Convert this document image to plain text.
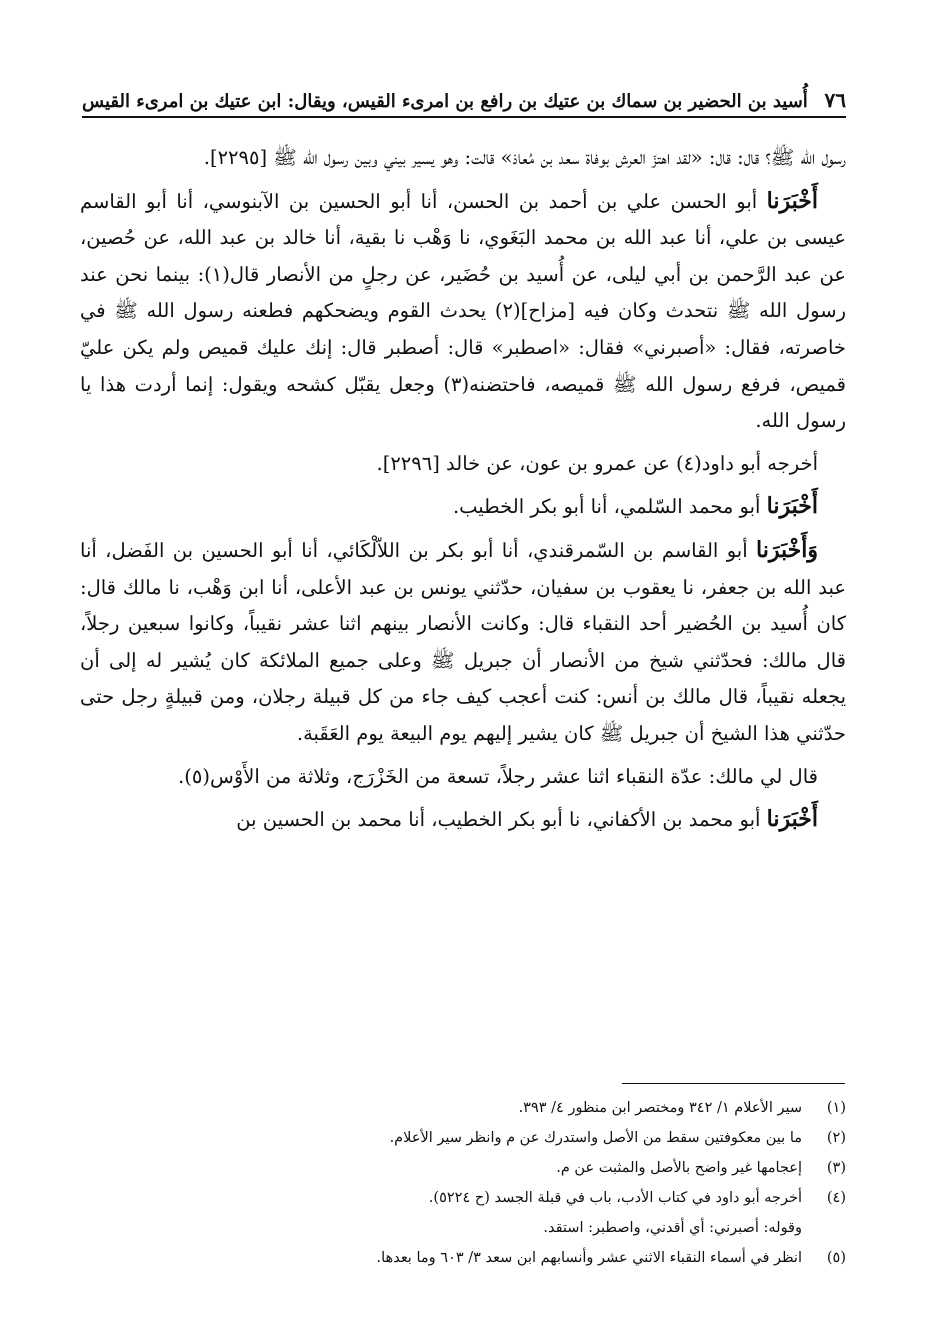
٧٦
أُسيد بن الحضير بن سماك بن عتيك بن رافع بن امرىء القيس، ويقال: ابن عتيك بن امرىء القيس

رسول الله ﷺ؟ قال: قال: «لقد اهتزّ العرش بوفاة سعد بن مُعاذ» قالت: وهو يسير بيني وبين رسول الله ﷺ [٢٢٩٥].

أَخْبَرَنا أبو الحسن علي بن أحمد بن الحسن، أنا أبو الحسين بن الآبنوسي، أنا أبو القاسم عيسى بن علي، أنا عبد الله بن محمد البَغَوي، نا وَهْب نا بقية، أنا خالد بن عبد الله، عن حُصين، عن عبد الرَّحمن بن أبي ليلى، عن أُسيد بن حُضَير، عن رجلٍ من الأنصار قال(١): بينما نحن عند رسول الله ﷺ نتحدث وكان فيه [مزاح](٢) يحدث القوم ويضحكهم فطعنه رسول الله ﷺ في خاصرته، فقال: «أصبرني» فقال: «اصطبر» قال: أصطبر قال: إنك عليك قميص ولم يكن عليّ قميص، فرفع رسول الله ﷺ قميصه، فاحتضنه(٣) وجعل يقبّل كشحه ويقول: إنما أردت هذا يا رسول الله.

أخرجه أبو داود(٤) عن عمرو بن عون، عن خالد [٢٢٩٦].

أَخْبَرَنا أبو محمد السّلمي، أنا أبو بكر الخطيب.

وَأَخْبَرَنا أبو القاسم بن السّمرقندي، أنا أبو بكر بن اللاّلْكَائي، أنا أبو الحسين بن الفَضل، أنا عبد الله بن جعفر، نا يعقوب بن سفيان، حدّثني يونس بن عبد الأعلى، أنا ابن وَهْب، نا مالك قال: كان أُسيد بن الحُضير أحد النقباء قال: وكانت الأنصار بينهم اثنا عشر نقيباً، وكانوا سبعين رجلاً، قال مالك: فحدّثني شيخ من الأنصار أن جبريل ﷺ وعلى جميع الملائكة كان يُشير له إلى أن يجعله نقيباً، قال مالك بن أنس: كنت أعجب كيف جاء من كل قبيلة رجلان، ومن قبيلةٍ رجل حتى حدّثني هذا الشيخ أن جبريل ﷺ كان يشير إليهم يوم البيعة يوم العَقَبة.

قال لي مالك: عدّة النقباء اثنا عشر رجلاً، تسعة من الخَزْرَج، وثلاثة من الأَوْس(٥).

أَخْبَرَنا أبو محمد بن الأكفاني، نا أبو بكر الخطيب، أنا محمد بن الحسين بن

(١)
سير الأعلام ١/ ٣٤٢ ومختصر ابن منظور ٤/ ٣٩٣.
(٢)
ما بين معكوفتين سقط من الأصل واستدرك عن م وانظر سير الأعلام.
(٣)
إعجامها غير واضح بالأصل والمثبت عن م.
(٤)
أخرجه أبو داود في كتاب الأدب، باب في قبلة الجسد (ح ٥٢٢٤).
وقوله: أصبرني: أي أقدني، واصطبر: استقد.
(٥)
انظر في أسماء النقباء الاثني عشر وأنسابهم ابن سعد ٣/ ٦٠٣ وما بعدها.
